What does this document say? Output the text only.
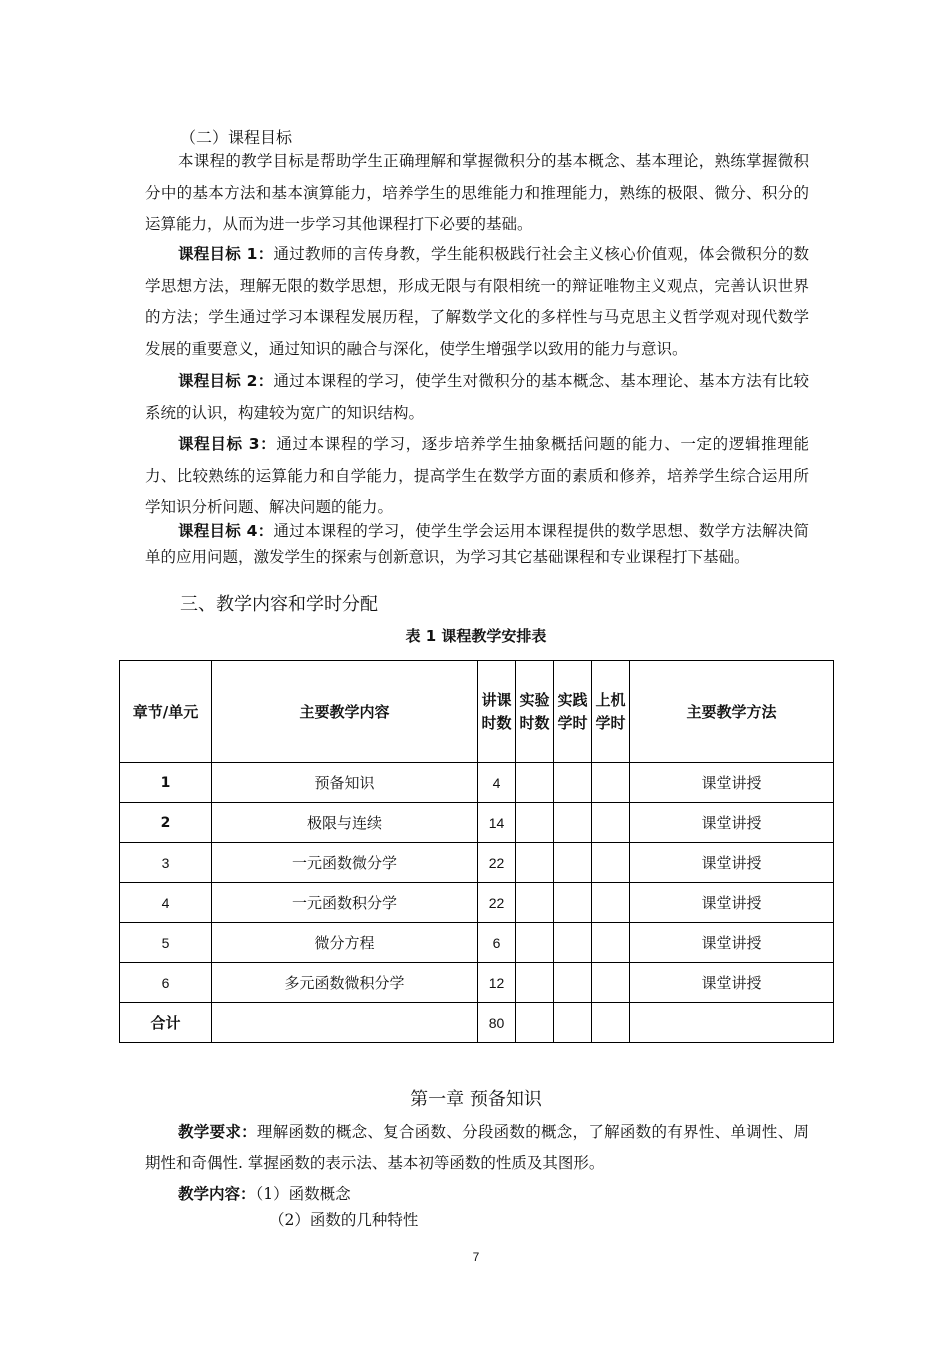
（二）课程目标

本课程的教学目标是帮助学生正确理解和掌握微积分的基本概念、基本理论，熟练掌握微积分中的基本方法和基本演算能力，培养学生的思维能力和推理能力，熟练的极限、微分、积分的运算能力，从而为进一步学习其他课程打下必要的基础。

课程目标 1：通过教师的言传身教，学生能积极践行社会主义核心价值观，体会微积分的数学思想方法，理解无限的数学思想，形成无限与有限相统一的辩证唯物主义观点，完善认识世界的方法；学生通过学习本课程发展历程，了解数学文化的多样性与马克思主义哲学观对现代数学发展的重要意义，通过知识的融合与深化，使学生增强学以致用的能力与意识。

课程目标 2：通过本课程的学习，使学生对微积分的基本概念、基本理论、基本方法有比较系统的认识，构建较为宽广的知识结构。

课程目标 3：通过本课程的学习，逐步培养学生抽象概括问题的能力、一定的逻辑推理能力、比较熟练的运算能力和自学能力，提高学生在数学方面的素质和修养，培养学生综合运用所学知识分析问题、解决问题的能力。

课程目标 4：通过本课程的学习，使学生学会运用本课程提供的数学思想、数学方法解决简单的应用问题，激发学生的探索与创新意识，为学习其它基础课程和专业课程打下基础。

三、教学内容和学时分配
表 1 课程教学安排表
章节/单元	主要教学内容	讲课时数	实验时数	实践学时	上机学时	主要教学方法
1	预备知识	4				课堂讲授
2	极限与连续	14				课堂讲授
3	一元函数微分学	22				课堂讲授
4	一元函数积分学	22				课堂讲授
5	微分方程	6				课堂讲授
6	多元函数微积分学	12				课堂讲授
合计		80				
第一章 预备知识

教学要求：理解函数的概念、复合函数、分段函数的概念，了解函数的有界性、单调性、周期性和奇偶性. 掌握函数的表示法、基本初等函数的性质及其图形。

教学内容：（1）函数概念
（2）函数的几种特性
7
